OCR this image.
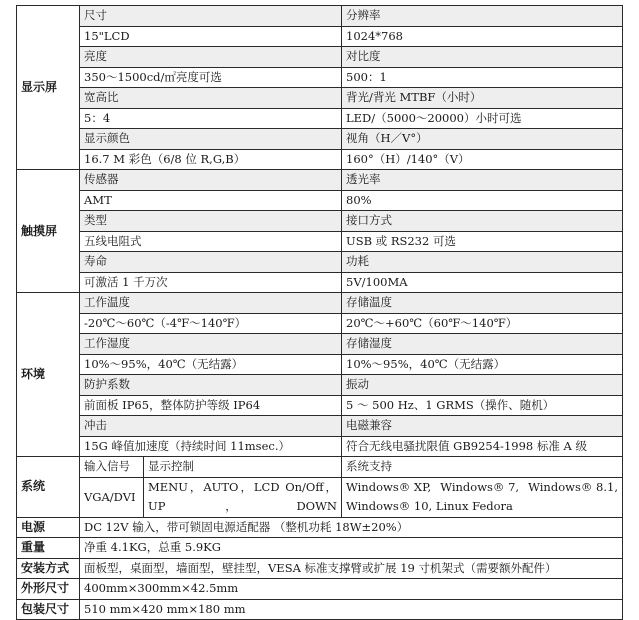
显示屏	尺寸		分辨率
	15"LCD		1024*768
	亮度		对比度
	350～1500cd/㎡亮度可选		500：1
	宽高比		背光/背光 MTBF（小时）
	5：4		LED/（5000～20000）小时可选
	显示颜色		视角（H／V°）
	16.7 M 彩色（6/8 位 R,G,B）		160°（H）/140°（V）
触摸屏	传感器		透光率
	AMT		80%
	类型		接口方式
	五线电阻式		USB 或 RS232 可选
	寿命		功耗
	可激活 1 千万次		5V/100MA
环境	工作温度		存储温度
	-20℃～60℃（-4℉～140℉）		20℃～+60℃（60℉～140℉）
	工作湿度		存储湿度
	10%～95%，40℃（无结露）		10%～95%，40℃（无结露）
	防护系数		振动
	前面板 IP65，整体防护等级 IP64		5 ～ 500 Hz、1 GRMS（操作、随机）
	冲击		电磁兼容
	15G 峰值加速度（持续时间 11msec.）		符合无线电骚扰限值 GB9254-1998 标准 A 级
系统	输入信号	显示控制	系统支持
	VGA/DVI	MENU，AUTO，LCD On/Off，UP，DOWN	Windows® XP, Windows® 7, Windows® 8.1,
Windows® 10, Linux Fedora

电源	DC 12V 输入，带可锁固电源适配器 （整机功耗 18W±20%）		
重量	净重 4.1KG，总重 5.9KG		
安装方式	面板型，桌面型，墙面型，壁挂型，VESA 标准支撑臂或扩展 19 寸机架式（需要额外配件）		
外形尺寸	400mm×300mm×42.5mm		
包装尺寸	510 mm×420 mm×180 mm		
